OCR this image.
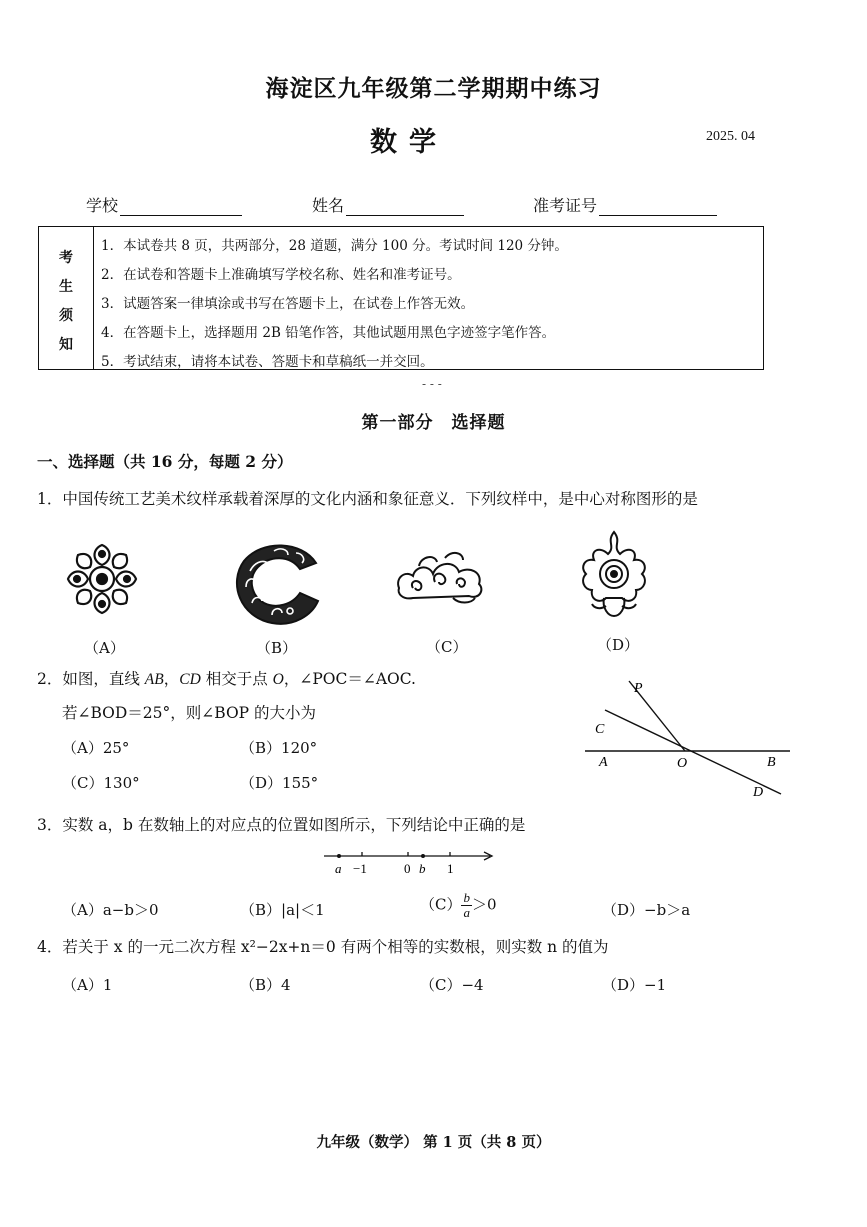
海淀区九年级第二学期期中练习
数学	2025. 04
学校	姓名	准考证号
考
生
须
知
1．本试卷共 8 页，共两部分，28 道题，满分 100 分。考试时间 120 分钟。
2．在试卷和答题卡上准确填写学校名称、姓名和准考证号。
3．试题答案一律填涂或书写在答题卡上，在试卷上作答无效。
4．在答题卡上，选择题用 2B 铅笔作答，其他试题用黑色字迹签字笔作答。
5．考试结束，请将本试卷、答题卡和草稿纸一并交回。
‐ ‐ ‐
第一部分　选择题
一、选择题（共 16 分，每题 2 分）
1．中国传统工艺美术纹样承载着深厚的文化内涵和象征意义．下列纹样中，是中心对称图形的是
（A）	（B）	（C）	（D）
2．如图，直线 AB，CD 相交于点 O，∠POC＝∠AOC.
若∠BOD＝25°，则∠BOP 的大小为
（A）25°	（B）120°
（C）130°	（D）155°
P
C
A	O	B
D
3．实数 a，b 在数轴上的对应点的位置如图所示，下列结论中正确的是
a −1	0 b 1
（A）a−b＞0	（B）|a|＜1	$(C) \frac{b}{a} >0$	（D）−b＞a
4．若关于 x 的一元二次方程 x²−2x+n＝0 有两个相等的实数根，则实数 n 的值为
（A）1	（B）4	（C）−4	（D）−1
九年级（数学） 第 1 页（共 8 页）
